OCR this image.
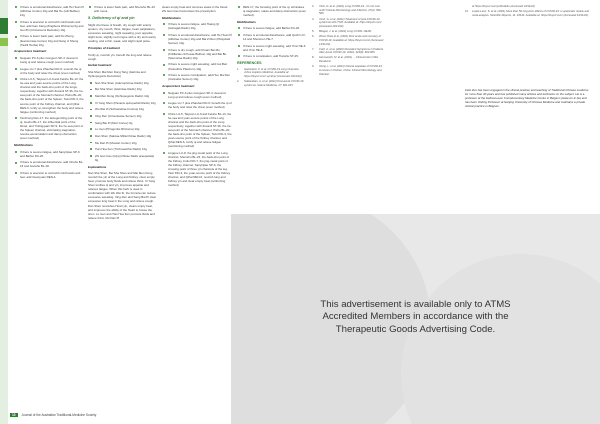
If there is emotional disturbance, add He Huan Pi (Albiziae Cortex) 10g and Bai He (Lilii Bulbus) 10g

If there is aversion to cold with cold hands and feet, add Gan Jiang (Zingiberis Rhizoma) 6g and Gui Zhi (Cinnamomi Ramulus) 10g

If there is lower back pain, add Du Zhong (Eucommiae Cortex) 10g and Sang Ji Sheng (Taxilli Herba) 10g

Acupuncture treatment

Neiguan PC-6 plus Gongsun SP-4: descend Liang qi and relieve cough (even method)

Liegue LU-7 plus Zhaohai KID-6: smooth the qi of the body and relax the chest (even method)

Chize LU-5, Taiyuan LU-9 and Feishu BL-13: the he-sea and yuan-source points of the Lung channel and the back-shu point of the lungs, respectively, together with Zusanli ST-36, the he-sea point of the Stomach channel, Pishu BL-20, the back-shu point of the Spleen, Taixi KID-3, the source point of the Kidney channel, and Qihai REN-6, tonify qi, strengthen the body and relieve fatigue (reinforcing method)

Tanzhong Ren-17: the lactogenizing point of the qi, Geshu BL-17, the influential point of the blood, and Yinlingquan SP-9, the he-sea point of the Spleen channel, eliminating stagnation, resolve accumulation and damp obstruction (even method)

Modifications

If there is severe fatigue, add Sanyinjiao SP-6 and Baihui DU-20.

If there is emotional disturbance, add Xinshu BL-15 and Ganshu BL-18.

If there is aversion to cold with cold hands and feet, add Guanyuan REN-4.

If there is lower back pain, add Shenshu BL-23 with moxa.

5. Deficiency of qi and yin

Slight shortness of breath, dry cough with scanty sputum, dry mouth, thirst, fatigue, heart palpitations, excessive sweating, night sweating, poor appetite, slight fever, slightly red tongue with a dry and scanty coating, and a thin, weak, and slight rapid pulse.

Principles of treatment

Tonify qi, nourish yin, benefit the lung and relieve cough.

Herbal treatment

Sha Shen Mai Men Dong Tang (Glehnia and Ophiopogonis Decoction)

Nan Sha Shen (Adenophorae Radix) 10g

Bei Sha Shen (Glehniae Radix) 10g

Mai Men Dong (Ophiopogonis Radix) 10g

Xi Yang Shen (Panacis quinquefolii Radix) 10g

Wu Wei Zi (Schisandrae Fructus) 10g

Xing Ren (Armeniacae Semen) 10g

Sang Bai Pi (Mori Cortex) 9g

Lu Gen (Phragmitis Rhizoma) 10g

Dan Shen (Salviae Miltiorrhizae Radix) 10g

Mu Dan Pi (Moutan Cortex) 10g

Tian Hua Fen (Trichosanthis Radix) 10g

Zhi Gan Cao (Glycyrrhizae Radix praeparata) 9g

Explanations

Nan Sha Shen, Bei Sha Shen and Mai Men Dong nourish the yin of the Lung and Kidney, clear empty heat, promote body fluids and relieve thirst. Xi Yang Shen tonifies qi and yin, improves appetite and relieves fatigue. When this herb is used in combination with Wu Wei Zi, the formula can reduce excessive sweating. Xing Ren and Sang Bai Pi clear excessive lung heat in the Lung and relieve cough. Dan Shen nourishes Heart yin, clears empty heat, and improves the ability of the Heart to house the shen. Lu Gen and Tian Hua Fen promote fluids and relieve thirst. Mu Dan Pi

clears empty heat and removes stasis in the blood. Zhi Gan Cao harmonises the prescription.

Modifications

If there is severe fatigue, add Huang Qi (Astragali Radix) 10g.

If there is emotional disturbance, add He Huan Pi (Albiziae Cortex) 10g and Bai Zi Ren (Platycladi Semen) 10g.

If there is dry cough, add Chuan Bei Mu (Fritillariae cirrhosae Bulbus) 10g and Bai Bu (Stemonae Radix) 10g.

If there is severe night sweating, add Gui Ban (Testudinis Plastrum) 10g.

If there is severe constipation, add Huo Ma Ren (Cannabis Semen) 10g.

Acupuncture treatment

Neiguan PC-6 plus Gongsun SP-4: descend Lung qi and relieve cough (even method)

Liegue LU-7 plus Zhaohai KID-6: benefit the qi of the body and relax the chest (even method)

Chize LU-5, Taiyuan LU-9 and Feishu BL-13, the he-sea and yuan-source points of the Lung channel and the back-shu point of the Lung respectively, together with Zusanli ST-36, the he-sea point of the Stomach channel, Pishu BL-20, the back-shu point of the Spleen, Taixi KID-3, the yuan-source point of the Kidney channel, and Qihai REN-6, tonify qi and relieve fatigue (reinforcing method)

Lingque LU-8, the jing-metal point of the Lung channel, Shenshu BL-23, the back-shu point of the Kidney, Fuliu KID-7, the jing-metal point of the Kidney channel, Sanyinjiao SP-6, the crossing point of three yin channels of the leg, Taixi KID-3, the yuan-source point of the Kidney channel, and Qihai REN-6, nourish lung and Kidney yin and clear empty heat (reinforcing method)

REN-17, the focusing point of the qi, eliminates qi stagnation, stasis and damp obstruction (even method).

Modifications

If there is severe fatigue, add Baihui DU-20.

If there is emotional disturbance, add Quchi LIV-14 and Shenmen HE-7.

If there is severe night sweating, add Yinxi HE-6 and Yinxi HE-6.

If there is constipation, add Tianshu ST-25.

REFERENCES

1. Galvanizer, F. et al. COVID-19 Long Overview. Johns Hopkins Medicine, Available at: https://tinyurl.com/ symthyx (Accessed 13/11/22).
2. Nalbandian, A. et al. (2021) Post-acute COVID-19 syndrome. Nature Medicine, 27: 601-615.
3. Yelin, D. et al. (2021) Long COVID-19 - it's not over until? Clinical Microbiology and Infection, 27(4): 506-508.
4. Yeoh, G. et al. (2021) Treatment of post-COVID-19 syndrome with TCM. Available at: https://tinyurl.com/ (Accessed 13/11/22).
5. Bhagat, J. et al. (2022) Long COVID. NEJM.
6. Wose Chee et al. (2021) Post acute and recovery of COVID-19. Available at: https://tinyurl.com/ (Accessed 13/11/22).
7. Carfi, A. et al. (2020) Persistent Symptoms in Patients After Acute COVID-19. JAMA, 324(6): 603-605.
8. Hemsworth, M. et al. (2021) ... Clinical trial in Mid-Pandemic.
9. Xiong, L. et al. (2021) Clinical sequelae of COVID-19 survivors in Wuhan, China. Clinical Microbiology and Infection.
at https://tinyurl.com/yc4bx3e4s (Accessed 13/11/22)
10. Lopez-Leon, S. et al. (2021) More than 50 long-term effects of COVID-19: a systematic review and meta-analysis. Scientific Reports, 11: 16144. Available at: https://tinyurl.com/ (Accessed 13/11/22).
Felix Zuo has been engaged in the clinical practice and teaching of Traditional Chinese medicine for more than 40 years and has published many articles and textbooks on the subject. He is a professor at the Hellman-ever Complementary Medicine Centre in Belgium (www.cm-lc.be) and has been Visiting Professor at Nanjing University of Chinese Medicine and maintains a private clinical practice in Belgium.
This advertisement is available only to ATMS
Accredited Members in accordance with the
Therapeutic Goods Advertising Code.
10 Journal of the Australian Traditional-Medicine Society
